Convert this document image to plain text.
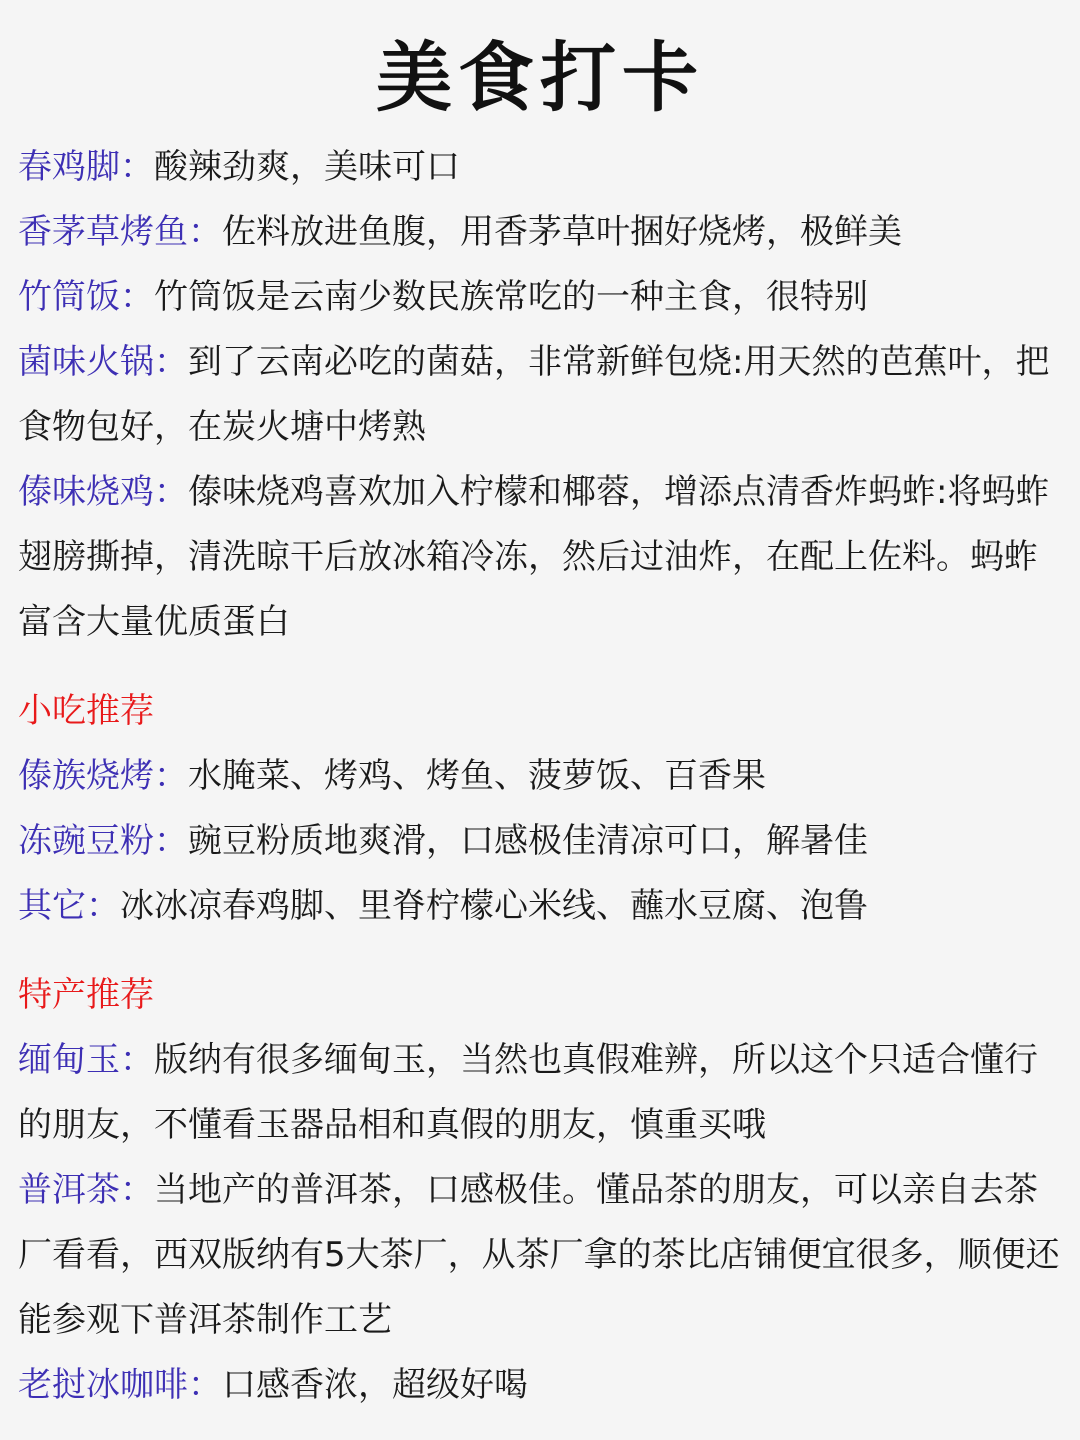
美食打卡

春鸡脚：酸辣劲爽，美味可口

香茅草烤鱼：佐料放进鱼腹，用香茅草叶捆好烧烤，极鲜美

竹筒饭：竹筒饭是云南少数民族常吃的一种主食，很特别

菌味火锅：到了云南必吃的菌菇，非常新鲜包烧:用天然的芭蕉叶，把食物包好，在炭火塘中烤熟

傣味烧鸡：傣味烧鸡喜欢加入柠檬和椰蓉，增添点清香炸蚂蚱:将蚂蚱翅膀撕掉，清洗晾干后放冰箱冷冻，然后过油炸，在配上佐料。蚂蚱富含大量优质蛋白

小吃推荐

傣族烧烤：水腌菜、烤鸡、烤鱼、菠萝饭、百香果

冻豌豆粉：豌豆粉质地爽滑，口感极佳清凉可口，解暑佳

其它：冰冰凉春鸡脚、里脊柠檬心米线、蘸水豆腐、泡鲁

特产推荐

缅甸玉：版纳有很多缅甸玉，当然也真假难辨，所以这个只适合懂行的朋友，不懂看玉器品相和真假的朋友，慎重买哦

普洱茶：当地产的普洱茶，口感极佳。懂品茶的朋友，可以亲自去茶厂看看，西双版纳有5大茶厂，从茶厂拿的茶比店铺便宜很多，顺便还能参观下普洱茶制作工艺

老挝冰咖啡：口感香浓，超级好喝
